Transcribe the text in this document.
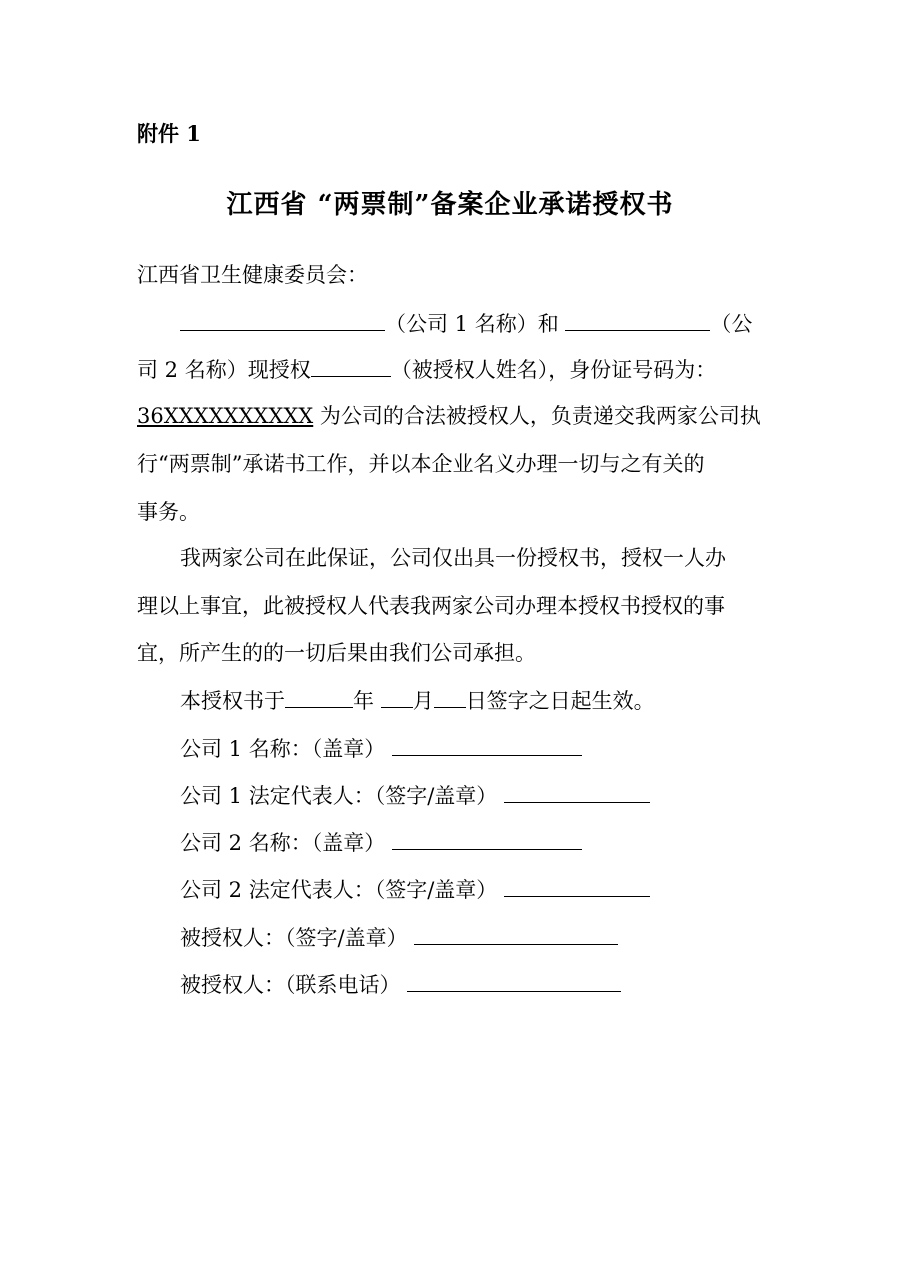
附件 1

江西省 “两票制”备案企业承诺授权书

江西省卫生健康委员会：

（公司 1 名称）和	（公

司 2 名称）现授权	（被授权人姓名），身份证号码为：

36XXXXXXXXXX 为公司的合法被授权人，负责递交我两家公司执

行“两票制”承诺书工作，并以本企业名义办理一切与之有关的

事务。

我两家公司在此保证，公司仅出具一份授权书，授权一人办

理以上事宜，此被授权人代表我两家公司办理本授权书授权的事

宜，所产生的的一切后果由我们公司承担。

本授权书于	年 月 日签字之日起生效。

公司 1 名称：（盖章）

公司 1 法定代表人：（签字/盖章）

公司 2 名称：（盖章）

公司 2 法定代表人：（签字/盖章）

被授权人：（签字/盖章）

被授权人：（联系电话）
